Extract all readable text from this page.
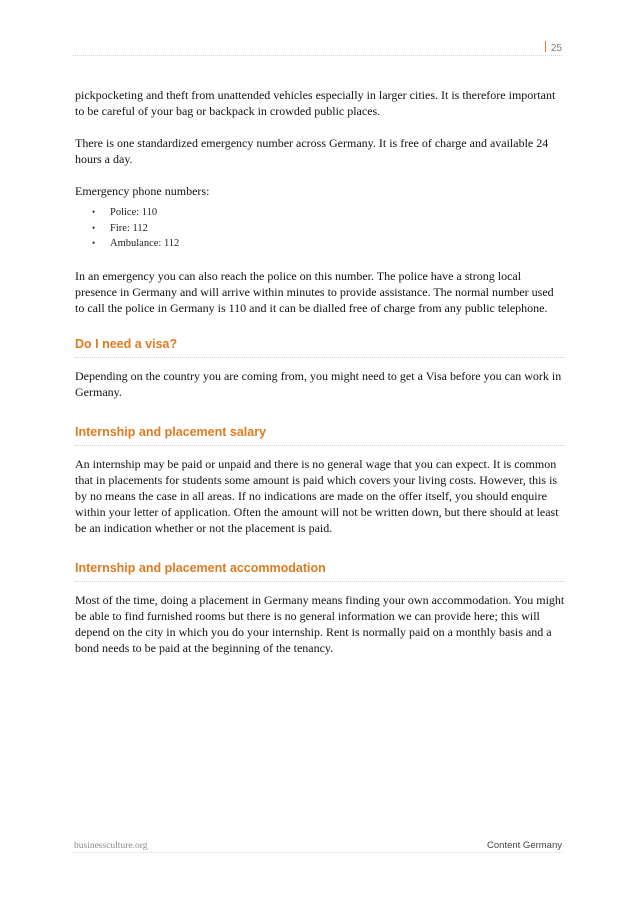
25

pickpocketing and theft from unattended vehicles especially in larger cities. It is therefore important to be careful of your bag or backpack in crowded public places.

There is one standardized emergency number across Germany. It is free of charge and available 24 hours a day.

Emergency phone numbers:

• Police: 110
• Fire: 112
• Ambulance: 112

In an emergency you can also reach the police on this number. The police have a strong local presence in Germany and will arrive within minutes to provide assistance. The normal number used to call the police in Germany is 110 and it can be dialled free of charge from any public telephone.

Do I need a visa?

Depending on the country you are coming from, you might need to get a Visa before you can work in Germany.

Internship and placement salary

An internship may be paid or unpaid and there is no general wage that you can expect. It is common that in placements for students some amount is paid which covers your living costs. However, this is by no means the case in all areas. If no indications are made on the offer itself, you should enquire within your letter of application. Often the amount will not be written down, but there should at least be an indication whether or not the placement is paid.

Internship and placement accommodation

Most of the time, doing a placement in Germany means finding your own accommodation. You might be able to find furnished rooms but there is no general information we can provide here; this will depend on the city in which you do your internship. Rent is normally paid on a monthly basis and a bond needs to be paid at the beginning of the tenancy.

businessculture.org	Content Germany
